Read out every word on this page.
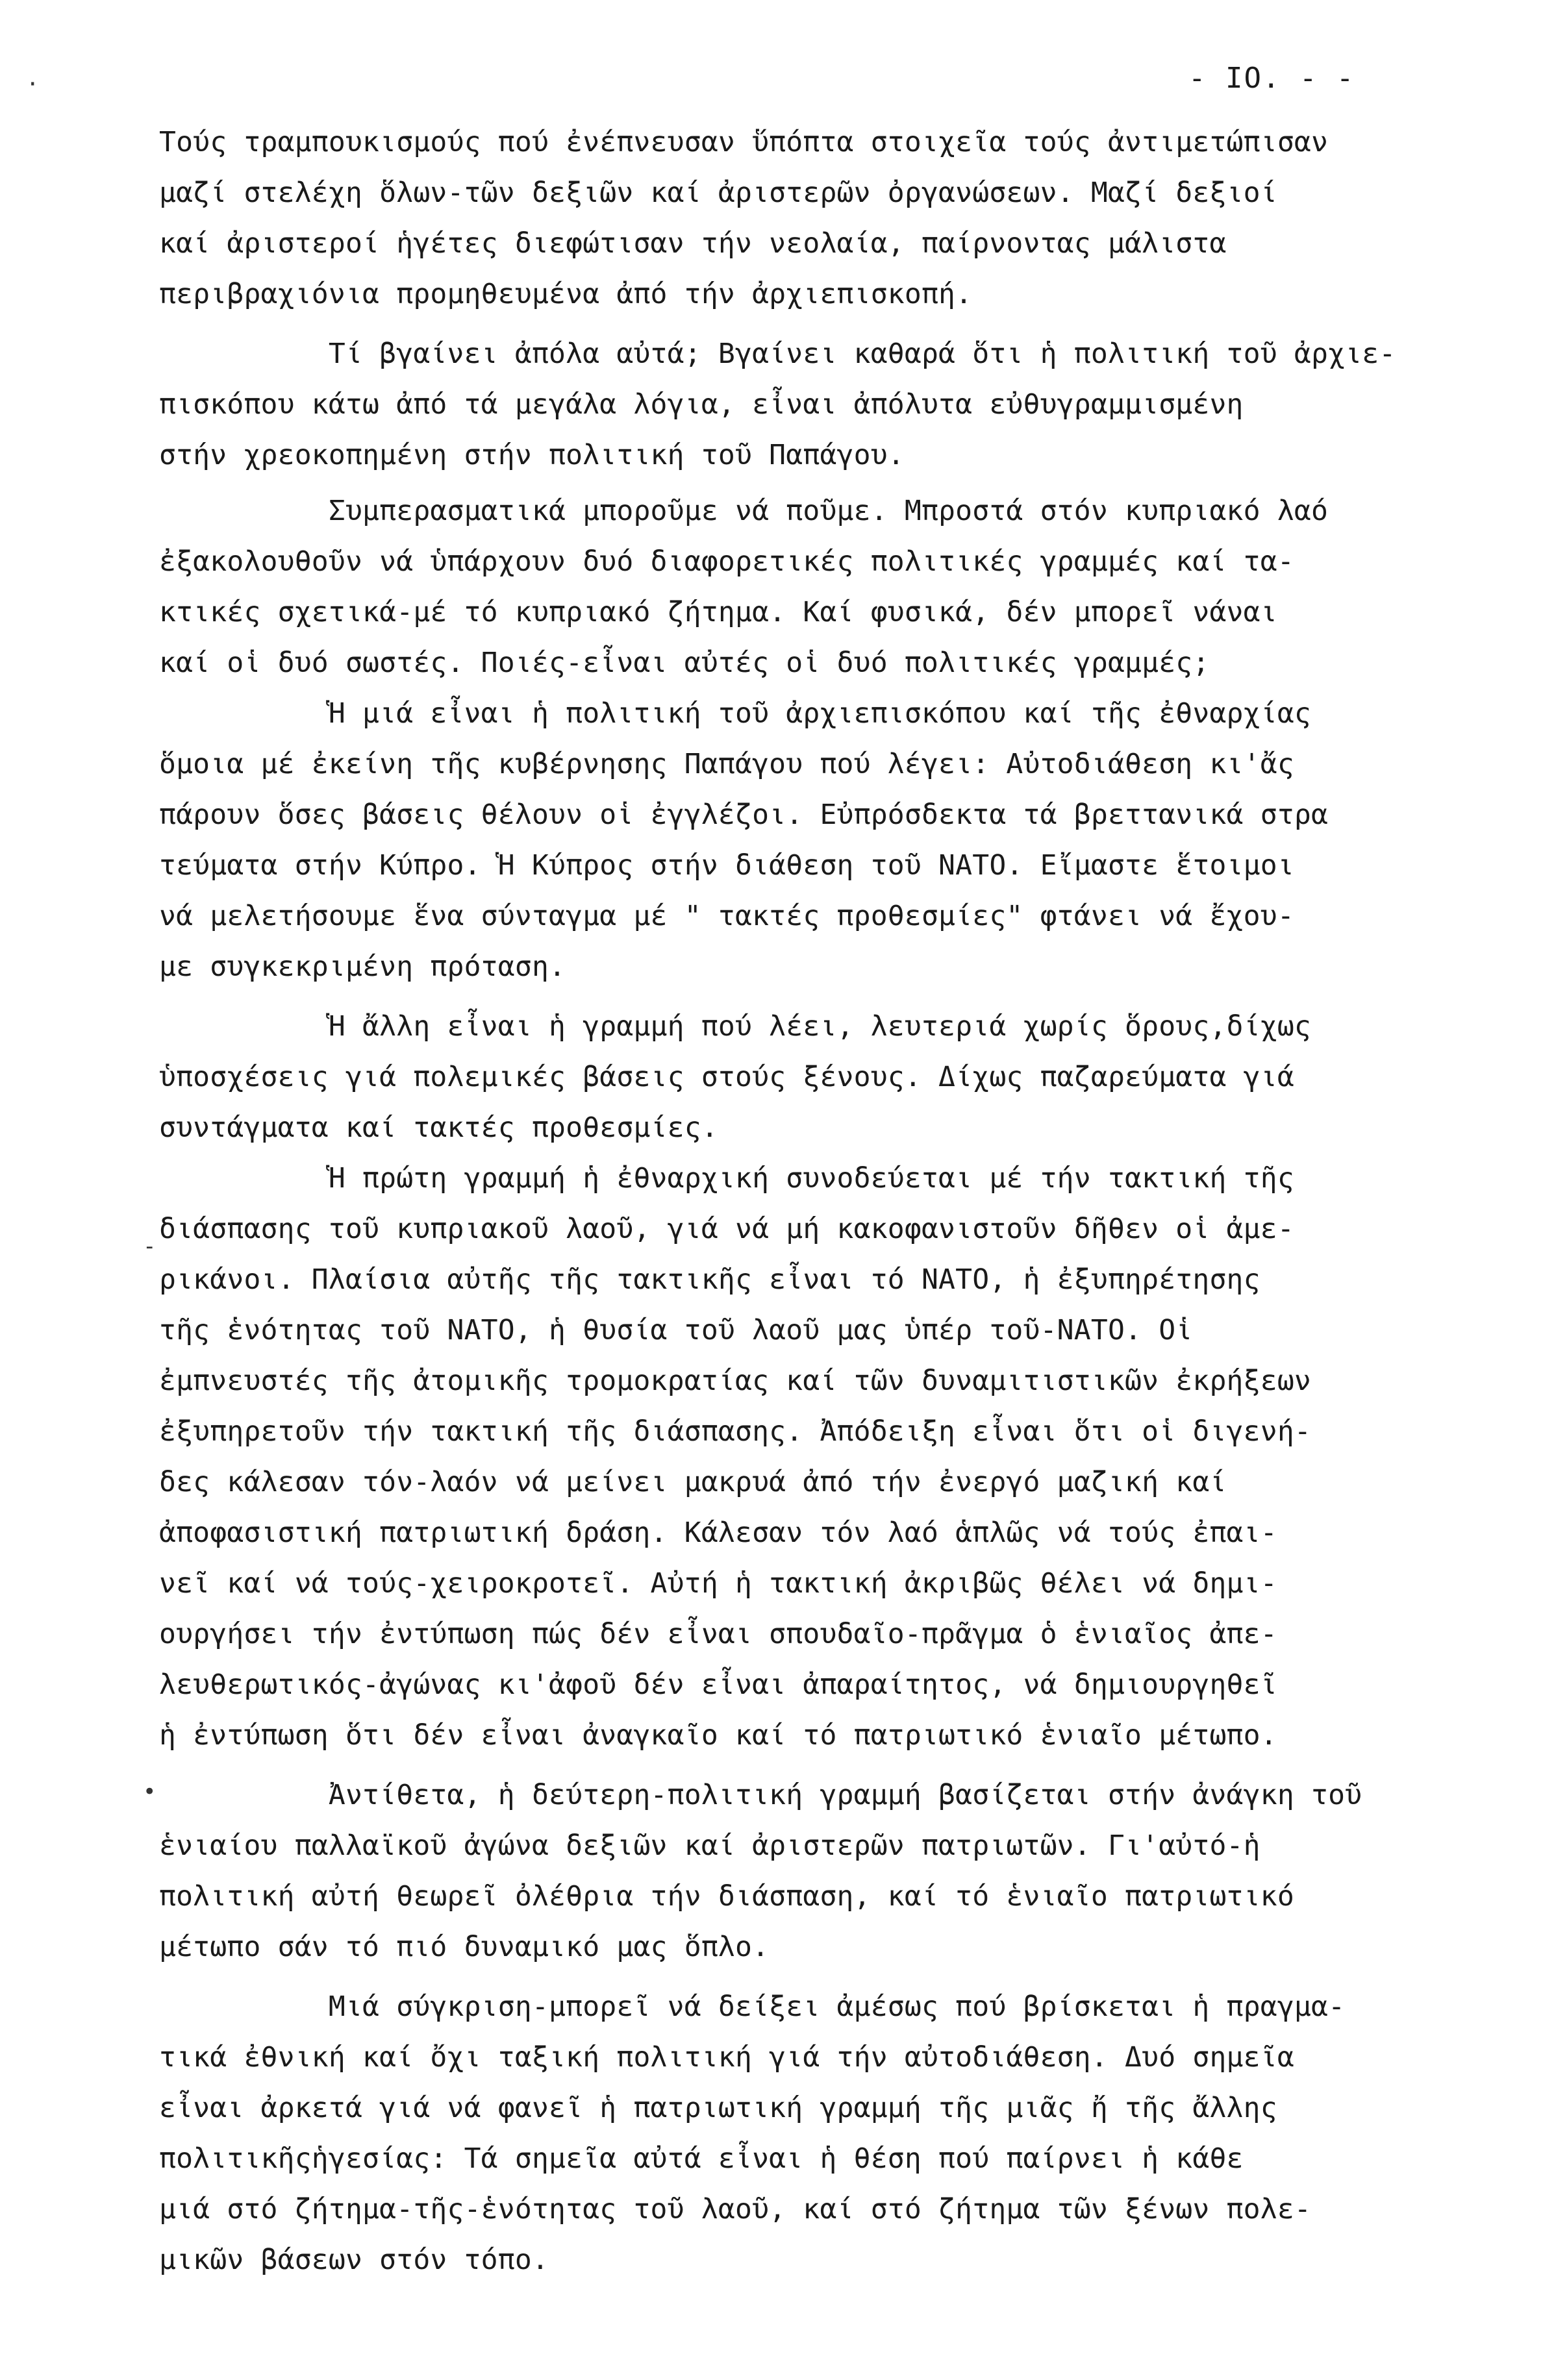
- IO. - -
·
-
•
Τούς τραμπουκισμούς πού ἐνέπνευσαν ὕπόπτα στοιχεῖα τούς ἀντιμετώπισαν
μαζί στελέχη ὅλων-τῶν δεξιῶν καί ἀριστερῶν ὀργανώσεων. Μαζί δεξιοί
καί ἀριστεροί ἡγέτες διεφώτισαν τήν νεολαία, παίρνοντας μάλιστα
περιβραχιόνια προμηθευμένα ἀπό τήν ἀρχιεπισκοπή.
Τί βγαίνει ἀπόλα αὐτά; Βγαίνει καθαρά ὅτι ἡ πολιτική τοῦ ἀρχιε-
πισκόπου κάτω ἀπό τά μεγάλα λόγια, εἶναι ἀπόλυτα εὐθυγραμμισμένη
στήν χρεοκοπημένη στήν πολιτική τοῦ Παπάγου.
Συμπερασματικά μποροῦμε νά ποῦμε. Μπροστά στόν κυπριακό λαό
ἐξακολουθοῦν νά ὑπάρχουν δυό διαφορετικές πολιτικές γραμμές καί τα-
κτικές σχετικά-μέ τό κυπριακό ζήτημα. Καί φυσικά, δέν μπορεῖ νάναι
καί οἱ δυό σωστές. Ποιές-εἶναι αὐτές οἱ δυό πολιτικές γραμμές;
Ἡ μιά εἶναι ἡ πολιτική τοῦ ἀρχιεπισκόπου καί τῆς ἐθναρχίας
ὅμοια μέ ἐκείνη τῆς κυβέρνησης Παπάγου πού λέγει: Αὐτοδιάθεση κι'ἄς
πάρουν ὅσες βάσεις θέλουν οἱ ἐγγλέζοι. Εὐπρόσδεκτα τά βρεττανικά στρα
τεύματα στήν Κύπρο. Ἡ Κύπρος στήν διάθεση τοῦ ΝΑΤΟ. Εἴμαστε ἕτοιμοι
νά μελετήσουμε ἕνα σύνταγμα μέ " τακτές προθεσμίες" φτάνει νά ἔχου-
με συγκεκριμένη πρόταση.
Ἡ ἄλλη εἶναι ἡ γραμμή πού λέει, λευτεριά χωρίς ὅρους,δίχως
ὑποσχέσεις γιά πολεμικές βάσεις στούς ξένους. Δίχως παζαρεύματα γιά
συντάγματα καί τακτές προθεσμίες.
Ἡ πρώτη γραμμή ἡ ἐθναρχική συνοδεύεται μέ τήν τακτική τῆς
διάσπασης τοῦ κυπριακοῦ λαοῦ, γιά νά μή κακοφανιστοῦν δῆθεν οἱ ἀμε-
ρικάνοι. Πλαίσια αὐτῆς τῆς τακτικῆς εἶναι τό ΝΑΤΟ, ἡ ἐξυπηρέτησης
τῆς ἑνότητας τοῦ ΝΑΤΟ, ἡ θυσία τοῦ λαοῦ μας ὑπέρ τοῦ-ΝΑΤΟ. Οἱ
ἐμπνευστές τῆς ἀτομικῆς τρομοκρατίας καί τῶν δυναμιτιστικῶν ἐκρήξεων
ἐξυπηρετοῦν τήν τακτική τῆς διάσπασης. Ἀπόδειξη εἶναι ὅτι οἱ διγενή-
δες κάλεσαν τόν-λαόν νά μείνει μακρυά ἀπό τήν ἐνεργό μαζική καί
ἀποφασιστική πατριωτική δράση. Κάλεσαν τόν λαό ἁπλῶς νά τούς ἐπαι-
νεῖ καί νά τούς-χειροκροτεῖ. Αὐτή ἡ τακτική ἀκριβῶς θέλει νά δημι-
ουργήσει τήν ἐντύπωση πώς δέν εἶναι σπουδαῖο-πρᾶγμα ὁ ἑνιαῖος ἀπε-
λευθερωτικός-ἀγώνας κι'ἀφοῦ δέν εἶναι ἀπαραίτητος, νά δημιουργηθεῖ
ἡ ἐντύπωση ὅτι δέν εἶναι ἀναγκαῖο καί τό πατριωτικό ἑνιαῖο μέτωπο.
Ἀντίθετα, ἡ δεύτερη-πολιτική γραμμή βασίζεται στήν ἀνάγκη τοῦ
ἑνιαίου παλλαϊκοῦ ἀγώνα δεξιῶν καί ἀριστερῶν πατριωτῶν. Γι'αὐτό-ἡ
πολιτική αὐτή θεωρεῖ ὀλέθρια τήν διάσπαση, καί τό ἑνιαῖο πατριωτικό
μέτωπο σάν τό πιό δυναμικό μας ὅπλο.
Μιά σύγκριση-μπορεῖ νά δείξει ἀμέσως πού βρίσκεται ἡ πραγμα-
τικά ἐθνική καί ὄχι ταξική πολιτική γιά τήν αὐτοδιάθεση. Δυό σημεῖα
εἶναι ἀρκετά γιά νά φανεῖ ἡ πατριωτική γραμμή τῆς μιᾶς ἤ τῆς ἄλλης
πολιτικῆςἡγεσίας: Τά σημεῖα αὐτά εἶναι ἡ θέση πού παίρνει ἡ κάθε
μιά στό ζήτημα-τῆς-ἑνότητας τοῦ λαοῦ, καί στό ζήτημα τῶν ξένων πολε-
μικῶν βάσεων στόν τόπο.
